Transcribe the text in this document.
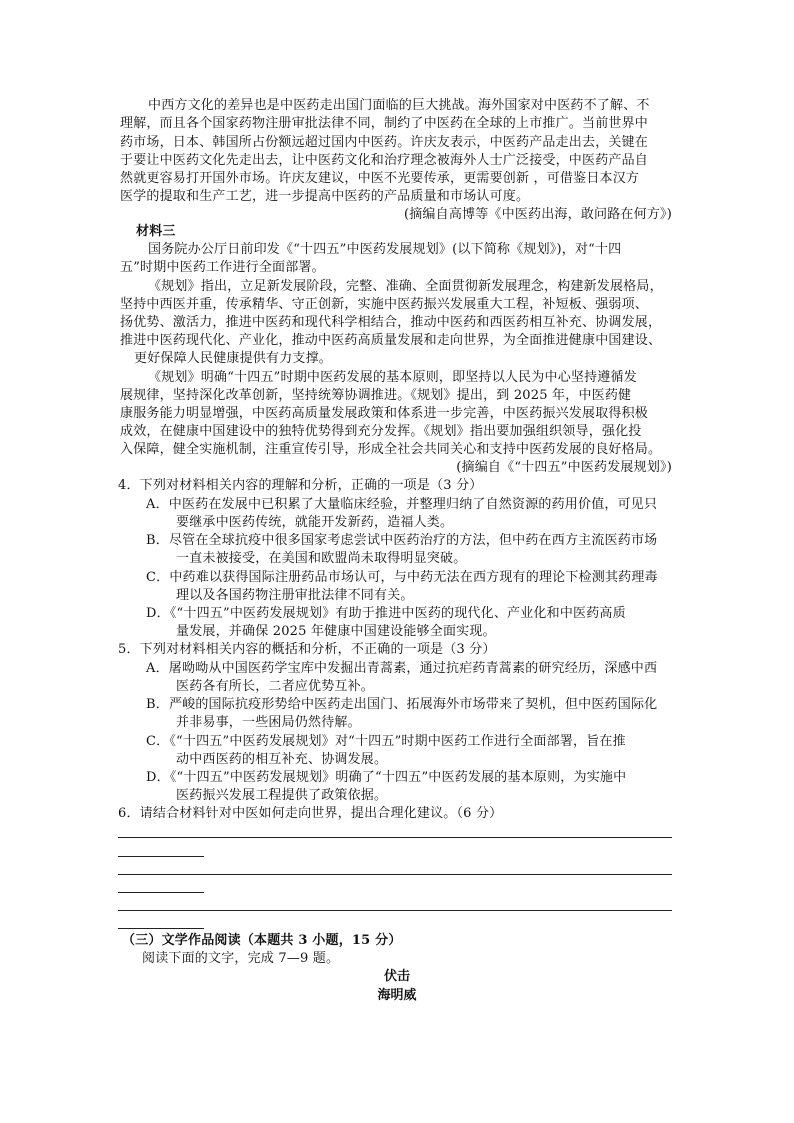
中西方文化的差异也是中医药走出国门面临的巨大挑战。海外国家对中医药不了解、不
理解，而且各个国家药物注册审批法律不同，制约了中医药在全球的上市推广。当前世界中
药市场，日本、韩国所占份额远超过国内中医药。许庆友表示，中医药产品走出去，关键在
于要让中医药文化先走出去，让中医药文化和治疗理念被海外人士广泛接受，中医药产品自
然就更容易打开国外市场。许庆友建议，中医不光要传承，更需要创新 ，可借鉴日本汉方
医学的提取和生产工艺，进一步提高中医药的产品质量和市场认可度。
(摘编自高博等《中医药出海，敢问路在何方》)
材料三
国务院办公厅日前印发《“十四五”中医药发展规划》(以下简称《规划》)，对“十四
五”时期中医药工作进行全面部署。
《规划》指出，立足新发展阶段，完整、准确、全面贯彻新发展理念，构建新发展格局，
坚持中西医并重，传承精华、守正创新，实施中医药振兴发展重大工程，补短板、强弱项、
扬优势、激活力，推进中医药和现代科学相结合，推动中医药和西医药相互补充、协调发展，
推进中医药现代化、产业化，推动中医药高质量发展和走向世界，为全面推进健康中国建设、
更好保障人民健康提供有力支撑。
《规划》明确“十四五”时期中医药发展的基本原则，即坚持以人民为中心坚持遵循发
展规律，坚持深化改革创新，坚持统筹协调推进。《规划》提出，到 2025 年，中医药健
康服务能力明显增强，中医药高质量发展政策和体系进一步完善，中医药振兴发展取得积极
成效，在健康中国建设中的独特优势得到充分发挥。《规划》指出要加强组织领导，强化投
入保障，健全实施机制，注重宣传引导，形成全社会共同关心和支持中医药发展的良好格局。
(摘编自《“十四五”中医药发展规划》)
4．下列对材料相关内容的理解和分析，正确的一项是（3 分）
A．中医药在发展中已积累了大量临床经验，并整理归纳了自然资源的药用价值，可见只
要继承中医药传统，就能开发新药，造福人类。
B．尽管在全球抗疫中很多国家考虑尝试中医药治疗的方法，但中药在西方主流医药市场
一直未被接受，在美国和欧盟尚未取得明显突破。
C．中药难以获得国际注册药品市场认可，与中药无法在西方现有的理论下检测其药理毒
理以及各国药物注册审批法律不同有关。
D．《“十四五”中医药发展规划》有助于推进中医药的现代化、产业化和中医药高质
量发展，并确保 2025 年健康中国建设能够全面实现。
5．下列对材料相关内容的概括和分析，不正确的一项是（3 分）
A．屠呦呦从中国医药学宝库中发掘出青蒿素，通过抗疟药青蒿素的研究经历，深感中西
医药各有所长，二者应优势互补。
B．严峻的国际抗疫形势给中医药走出国门、拓展海外市场带来了契机，但中医药国际化
并非易事，一些困局仍然待解。
C．《“十四五”中医药发展规划》对“十四五”时期中医药工作进行全面部署，旨在推
动中西医药的相互补充、协调发展。
D．《“十四五”中医药发展规划》明确了“十四五”中医药发展的基本原则，为实施中
医药振兴发展工程提供了政策依据。
6．请结合材料针对中医如何走向世界，提出合理化建议。（6 分）
（三）文学作品阅读（本题共 3 小题，15 分）
阅读下面的文字，完成 7—9 题。
伏击
海明威
